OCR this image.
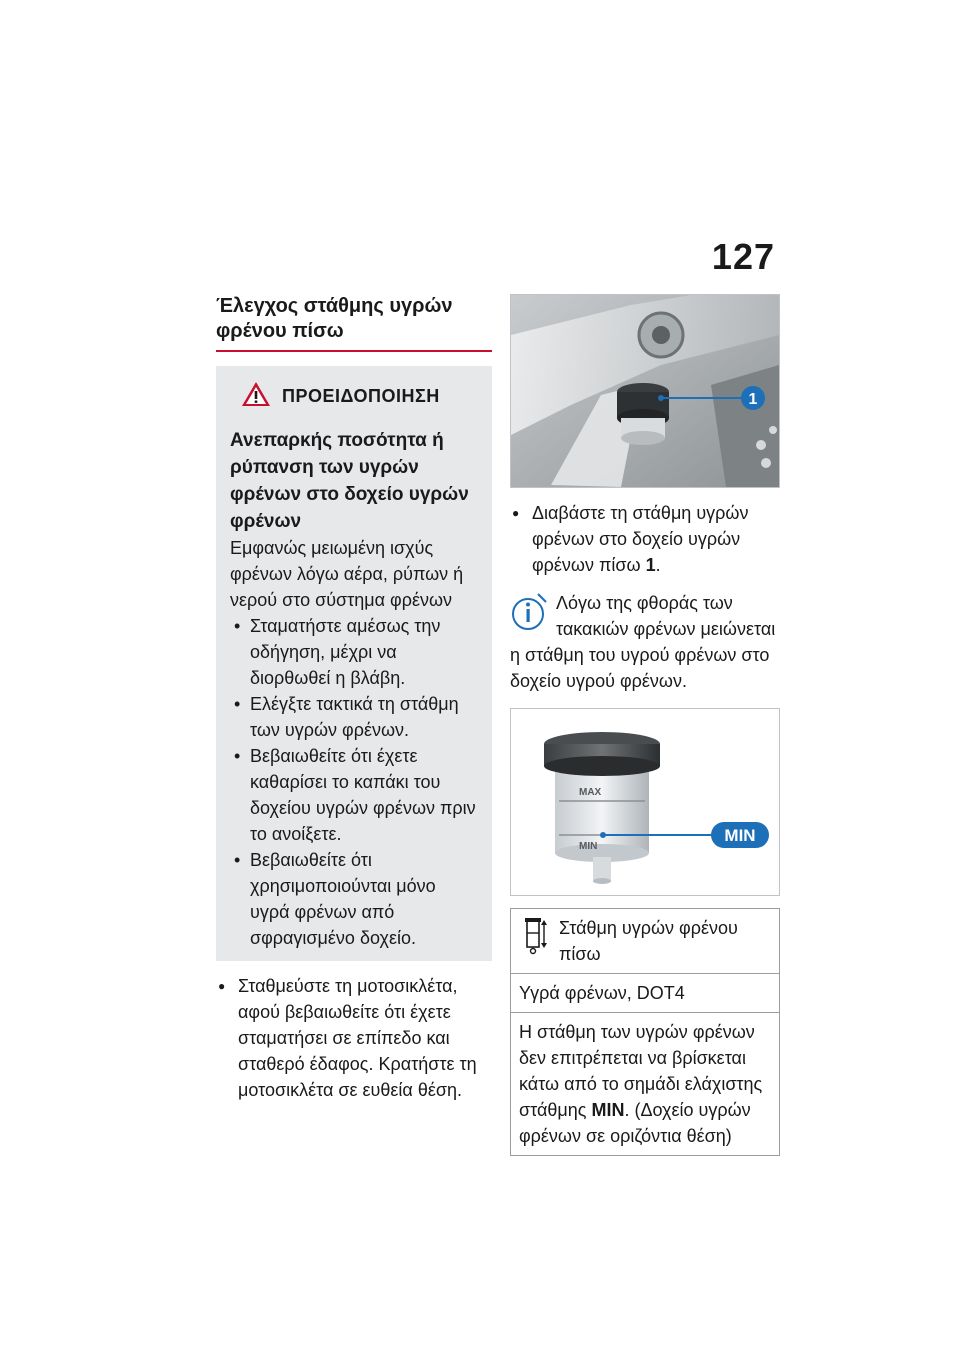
127
Έλεγχος στάθμης υγρών φρένου πίσω
ΠΡΟΕΙΔΟΠΟΙΗΣΗ
Ανεπαρκής ποσότητα ή ρύπανση των υγρών φρένων στο δοχείο υγρών φρένων
Εμφανώς μειωμένη ισχύς φρένων λόγω αέρα, ρύπων ή νερού στο σύστημα φρένων
• Σταματήστε αμέσως την οδήγηση, μέχρι να διορθωθεί η βλάβη.
• Ελέγξτε τακτικά τη στάθμη των υγρών φρένων.
• Βεβαιωθείτε ότι έχετε καθαρίσει το καπάκι του δοχείου υγρών φρένων πριν το ανοίξετε.
• Βεβαιωθείτε ότι χρησιμοποιούνται μόνο υγρά φρένων από σφραγισμένο δοχείο.
● Σταθμεύστε τη μοτοσικλέτα, αφού βεβαιωθείτε ότι έχετε σταματήσει σε επίπεδο και σταθερό έδαφος. Κρατήστε τη μοτοσικλέτα σε ευθεία θέση.
1
● Διαβάστε τη στάθμη υγρών φρένων στο δοχείο υγρών φρένων πίσω 1.
Λόγω της φθοράς των τακακιών φρένων μειώνεται η στάθμη του υγρού φρένων στο δοχείο υγρού φρένων.
MAX
MIN
MIN
Στάθμη υγρών φρένου πίσω
Υγρά φρένων, DOT4
Η στάθμη των υγρών φρένων δεν επιτρέπεται να βρίσκεται κάτω από το σημάδι ελάχιστης στάθμης MIN. (Δοχείο υγρών φρένων σε οριζόντια θέση)
